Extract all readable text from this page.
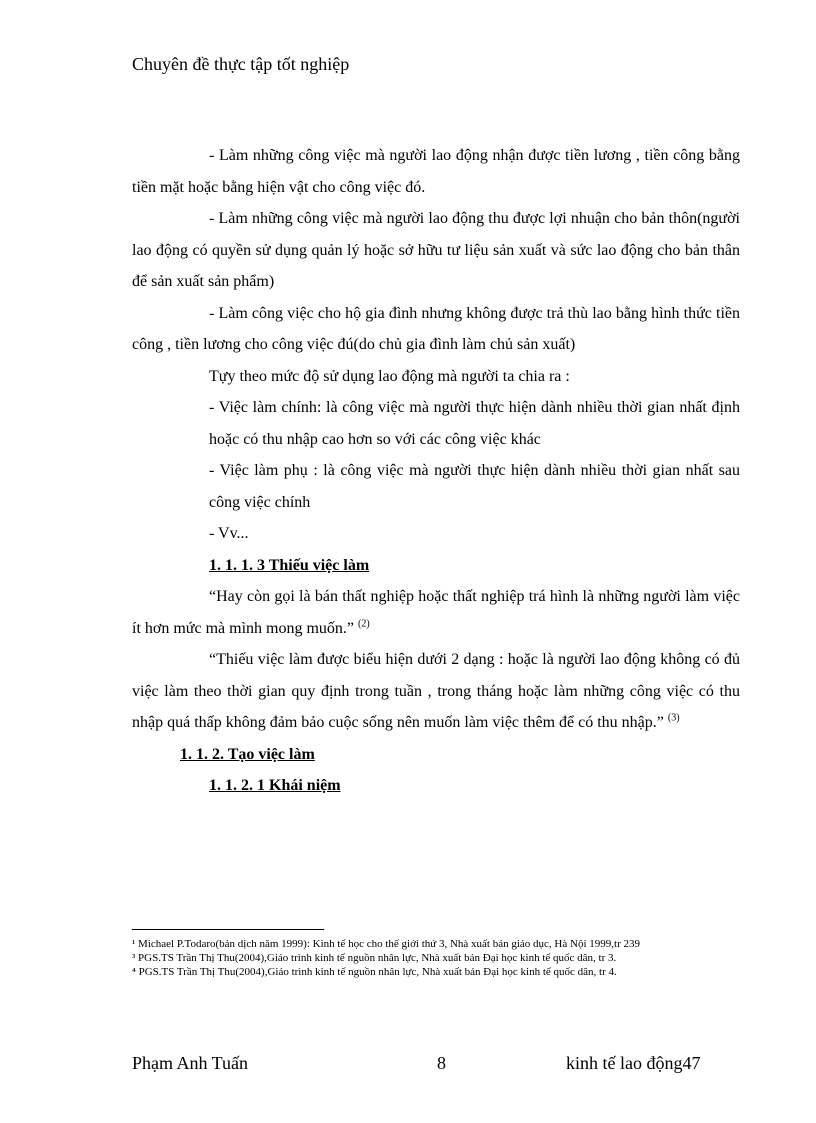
Chuyên đề thực tập tốt nghiệp

- Làm những công việc mà người lao động nhận được tiền lương , tiền công bằng tiền mặt hoặc bằng hiện vật cho công việc đó.

- Làm những công việc mà người lao động thu được lợi nhuận cho bản thôn(người lao động có quyền sử dụng quản lý hoặc sở hữu tư liệu sản xuất và sức lao động cho bản thân để sản xuất sản phẩm)

- Làm công việc cho hộ gia đình nhưng không được trả thù lao bằng hình thức tiền công , tiền lương cho công việc đú(do chủ gia đình làm chủ sản xuất)

Tựy theo mức độ sử dụng lao động mà người ta chia ra :

- Việc làm chính: là công việc mà người thực hiện dành nhiều thời gian nhất định hoặc có thu nhập cao hơn so với các công việc khác

- Việc làm phụ : là công việc mà người thực hiện dành nhiều thời gian nhất sau công việc chính

- Vv...

1. 1. 1. 3 Thiếu việc làm

“Hay còn gọi là bán thất nghiệp hoặc thất nghiệp trá hình là những người làm việc ít hơn mức mà mình mong muốn.” $^{(2)}$

“Thiếu việc làm được biểu hiện dưới 2 dạng : hoặc là người lao động không có đủ việc làm theo thời gian quy định trong tuần , trong tháng hoặc làm những công việc có thu nhập quá thấp không đảm bảo cuộc sống nên muốn làm việc thêm để có thu nhập.” $^{(3)}$

1. 1. 2. Tạo việc làm

1. 1. 2. 1 Khái niệm

¹ Michael P.Todaro(bản dịch năm 1999): Kinh tế học cho thế giới thứ 3, Nhà xuất bản giáo dục, Hà Nội 1999,tr 239

³ PGS.TS Trần Thị Thu(2004),Giáo trình kinh tế nguồn nhân lực, Nhà xuất bản Đại học kinh tế quốc dân, tr 3.

⁴ PGS.TS Trần Thị Thu(2004),Giáo trình kinh tế nguồn nhân lực, Nhà xuất bản Đại học kinh tế quốc dân, tr 4.

Phạm Anh Tuấn	8	kinh tế lao động47
